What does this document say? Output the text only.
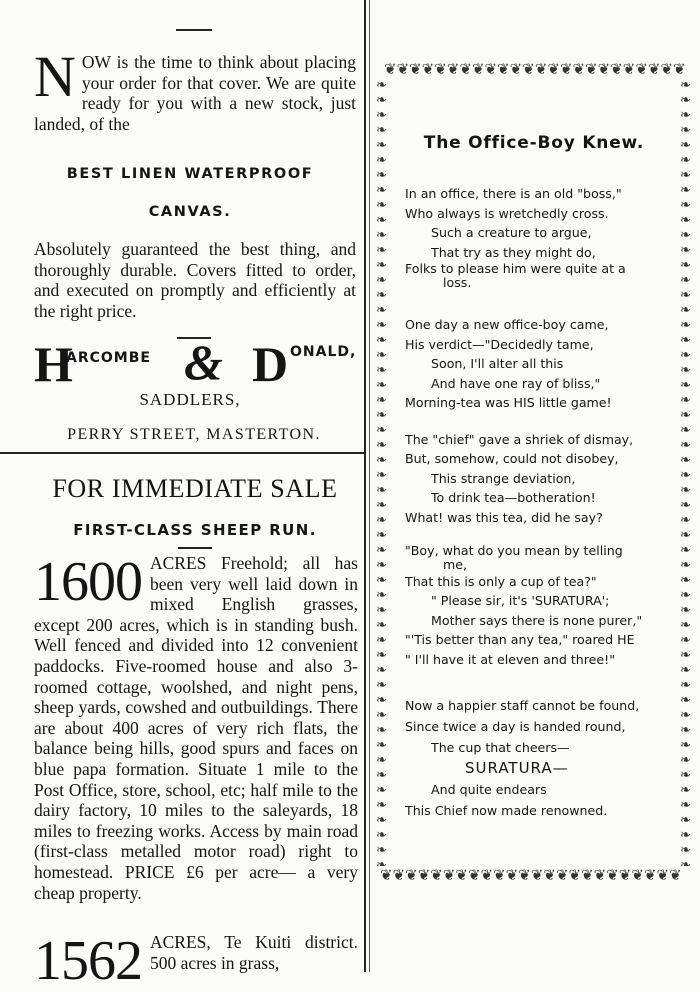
N OW is the time to think about placing your order for that cover. We are quite ready for you with a new stock, just landed, of the
BEST LINEN WATERPROOF
CANVAS.
Absolutely guaranteed the best thing, and thoroughly durable. Covers fitted to order, and executed on promptly and efficiently at the right price.
H
ARCOMBE & D ONALD,
SADDLERS,
PERRY STREET, MASTERTON.
FOR IMMEDIATE SALE
FIRST-CLASS SHEEP RUN.
1600 ACRES Freehold; all has been very well laid down in mixed English grasses, except 200 acres, which is in standing bush. Well fenced and divided into 12 convenient paddocks. Five-roomed house and also 3-roomed cottage, woolshed, and night pens, sheep yards, cowshed and outbuildings. There are about 400 acres of very rich flats, the balance being hills, good spurs and faces on blue papa formation. Situate 1 mile to the Post Office, store, school, etc; half mile to the dairy factory, 10 miles to the saleyards, 18 miles to freezing works. Access by main road (first-class metalled motor road) right to homestead. PRICE £6 per acre— a very cheap property.
1562 ACRES, Te Kuiti district. 500 acres in grass,
❦❦❦❦❦❦❦❦❦❦❦❦❦❦❦❦❦❦❦❦❦❦❦❦
❦❦❦❦❦❦❦❦❦❦❦❦❦❦❦❦❦❦❦❦❦❦❦❦
❧❧❧❧❧❧❧❧❧❧❧❧❧❧❧❧❧❧❧❧❧❧❧❧❧❧❧❧❧❧❧❧❧❧❧❧❧❧❧❧❧❧❧❧❧❧❧❧❧❧❧❧❧
❧❧❧❧❧❧❧❧❧❧❧❧❧❧❧❧❧❧❧❧❧❧❧❧❧❧❧❧❧❧❧❧❧❧❧❧❧❧❧❧❧❧❧❧❧❧❧❧❧❧❧❧❧
The Office-Boy Knew.

In an office, there is an old "boss,"

Who always is wretchedly cross.

Such a creature to argue,

That try as they might do,

Folks to please him were quite at a

loss.

One day a new office-boy came,

His verdict—"Decidedly tame,

Soon, I'll alter all this

And have one ray of bliss,"

Morning-tea was HIS little game!

The "chief" gave a shriek of dismay,

But, somehow, could not disobey,

This strange deviation,

To drink tea—botheration!

What! was this tea, did he say?

"Boy, what do you mean by telling

me,

That this is only a cup of tea?"

" Please sir, it's 'SURATURA';

Mother says there is none purer,"

"'Tis better than any tea," roared HE

" I'll have it at eleven and three!"

Now a happier staff cannot be found,

Since twice a day is handed round,

The cup that cheers—

SURATURA—

And quite endears

This Chief now made renowned.
